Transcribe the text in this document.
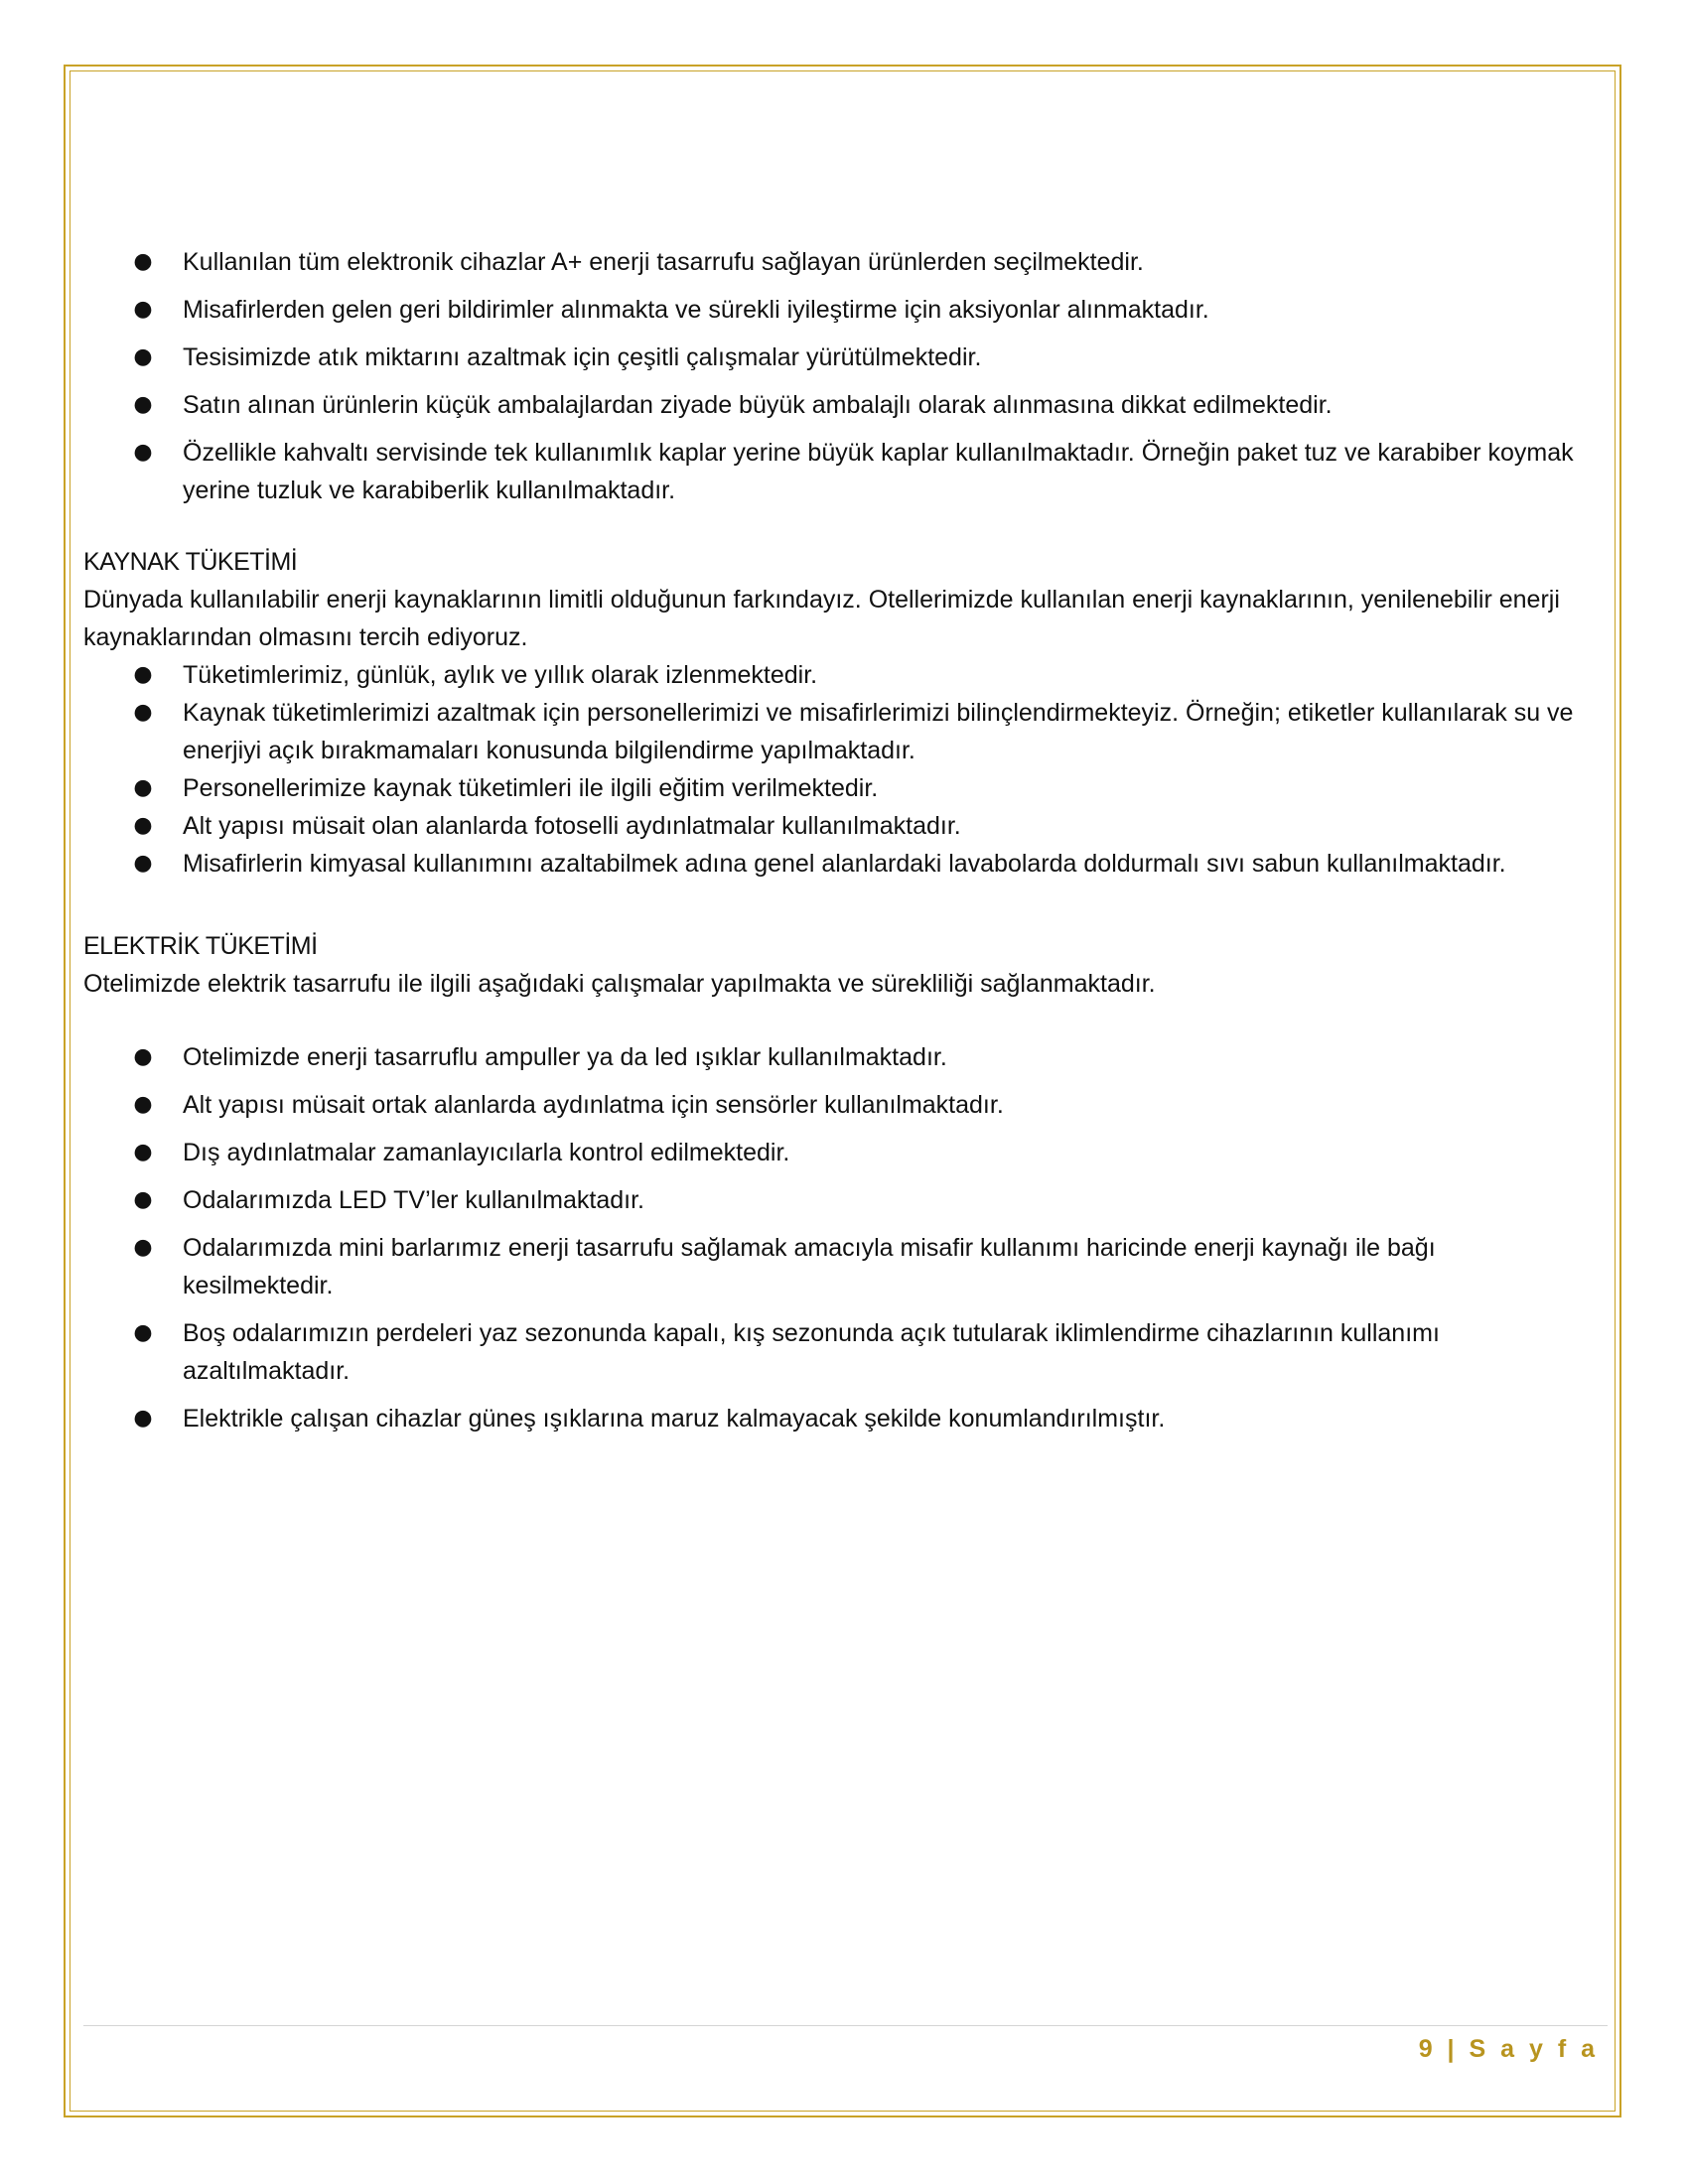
● Kullanılan tüm elektronik cihazlar A+ enerji tasarrufu sağlayan ürünlerden seçilmektedir.
● Misafirlerden gelen geri bildirimler alınmakta ve sürekli iyileştirme için aksiyonlar alınmaktadır.
● Tesisimizde atık miktarını azaltmak için çeşitli çalışmalar yürütülmektedir.
● Satın alınan ürünlerin küçük ambalajlardan ziyade büyük ambalajlı olarak alınmasına dikkat edilmektedir.
● Özellikle kahvaltı servisinde tek kullanımlık kaplar yerine büyük kaplar kullanılmaktadır. Örneğin paket tuz ve karabiber koymak yerine tuzluk ve karabiberlik kullanılmaktadır.
KAYNAK TÜKETİMİ

Dünyada kullanılabilir enerji kaynaklarının limitli olduğunun farkındayız. Otellerimizde kullanılan enerji kaynaklarının, yenilenebilir enerji kaynaklarından olmasını tercih ediyoruz.

● Tüketimlerimiz, günlük, aylık ve yıllık olarak izlenmektedir.
● Kaynak tüketimlerimizi azaltmak için personellerimizi ve misafirlerimizi bilinçlendirmekteyiz. Örneğin; etiketler kullanılarak su ve enerjiyi açık bırakmamaları konusunda bilgilendirme yapılmaktadır.
● Personellerimize kaynak tüketimleri ile ilgili eğitim verilmektedir.
● Alt yapısı müsait olan alanlarda fotoselli aydınlatmalar kullanılmaktadır.
● Misafirlerin kimyasal kullanımını azaltabilmek adına genel alanlardaki lavabolarda doldurmalı sıvı sabun kullanılmaktadır.
ELEKTRİK TÜKETİMİ

Otelimizde elektrik tasarrufu ile ilgili aşağıdaki çalışmalar yapılmakta ve sürekliliği sağlanmaktadır.

● Otelimizde enerji tasarruflu ampuller ya da led ışıklar kullanılmaktadır.
● Alt yapısı müsait ortak alanlarda aydınlatma için sensörler kullanılmaktadır.
● Dış aydınlatmalar zamanlayıcılarla kontrol edilmektedir.
● Odalarımızda LED TV’ler kullanılmaktadır.
● Odalarımızda mini barlarımız enerji tasarrufu sağlamak amacıyla misafir kullanımı haricinde enerji kaynağı ile bağı kesilmektedir.
● Boş odalarımızın perdeleri yaz sezonunda kapalı, kış sezonunda açık tutularak iklimlendirme cihazlarının kullanımı azaltılmaktadır.
● Elektrikle çalışan cihazlar güneş ışıklarına maruz kalmayacak şekilde konumlandırılmıştır.
9 | S a y f a
